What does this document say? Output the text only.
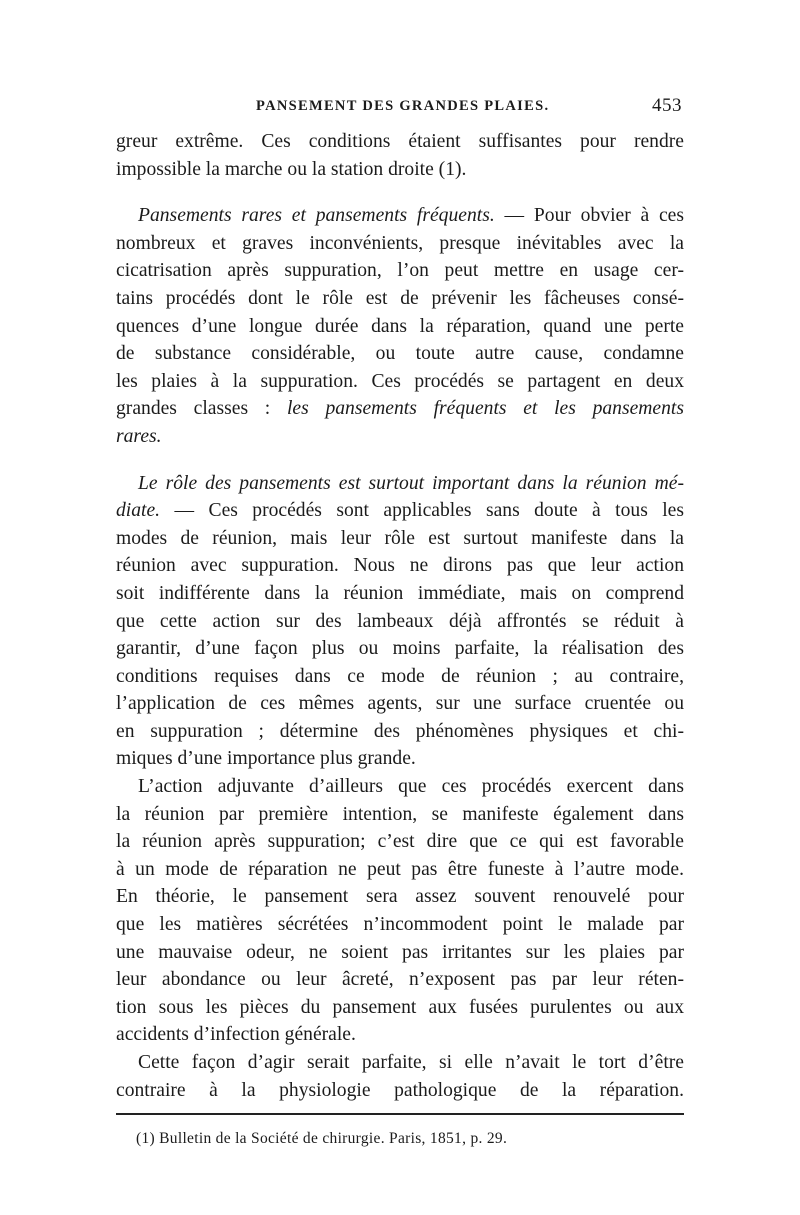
PANSEMENT DES GRANDES PLAIES.	453

greur extrême. Ces conditions étaient suffisantes pour rendre
impossible la marche ou la station droite (1).

Pansements rares et pansements fréquents. — Pour obvier à ces
nombreux et graves inconvénients, presque inévitables avec la
cicatrisation après suppuration, l’on peut mettre en usage cer-
tains procédés dont le rôle est de prévenir les fâcheuses consé-
quences d’une longue durée dans la réparation, quand une perte
de substance considérable, ou toute autre cause, condamne
les plaies à la suppuration. Ces procédés se partagent en deux
grandes classes : les pansements fréquents et les pansements
rares.

Le rôle des pansements est surtout important dans la réunion mé-
diate. — Ces procédés sont applicables sans doute à tous les
modes de réunion, mais leur rôle est surtout manifeste dans la
réunion avec suppuration. Nous ne dirons pas que leur action
soit indifférente dans la réunion immédiate, mais on comprend
que cette action sur des lambeaux déjà affrontés se réduit à
garantir, d’une façon plus ou moins parfaite, la réalisation des
conditions requises dans ce mode de réunion ; au contraire,
l’application de ces mêmes agents, sur une surface cruentée ou
en suppuration ; détermine des phénomènes physiques et chi-
miques d’une importance plus grande.

L’action adjuvante d’ailleurs que ces procédés exercent dans
la réunion par première intention, se manifeste également dans
la réunion après suppuration; c’est dire que ce qui est favorable
à un mode de réparation ne peut pas être funeste à l’autre mode.
En théorie, le pansement sera assez souvent renouvelé pour
que les matières sécrétées n’incommodent point le malade par
une mauvaise odeur, ne soient pas irritantes sur les plaies par
leur abondance ou leur âcreté, n’exposent pas par leur réten-
tion sous les pièces du pansement aux fusées purulentes ou aux
accidents d’infection générale.

Cette façon d’agir serait parfaite, si elle n’avait le tort d’être
contraire à la physiologie pathologique de la réparation.

(1) Bulletin de la Société de chirurgie. Paris, 1851, p. 29.
